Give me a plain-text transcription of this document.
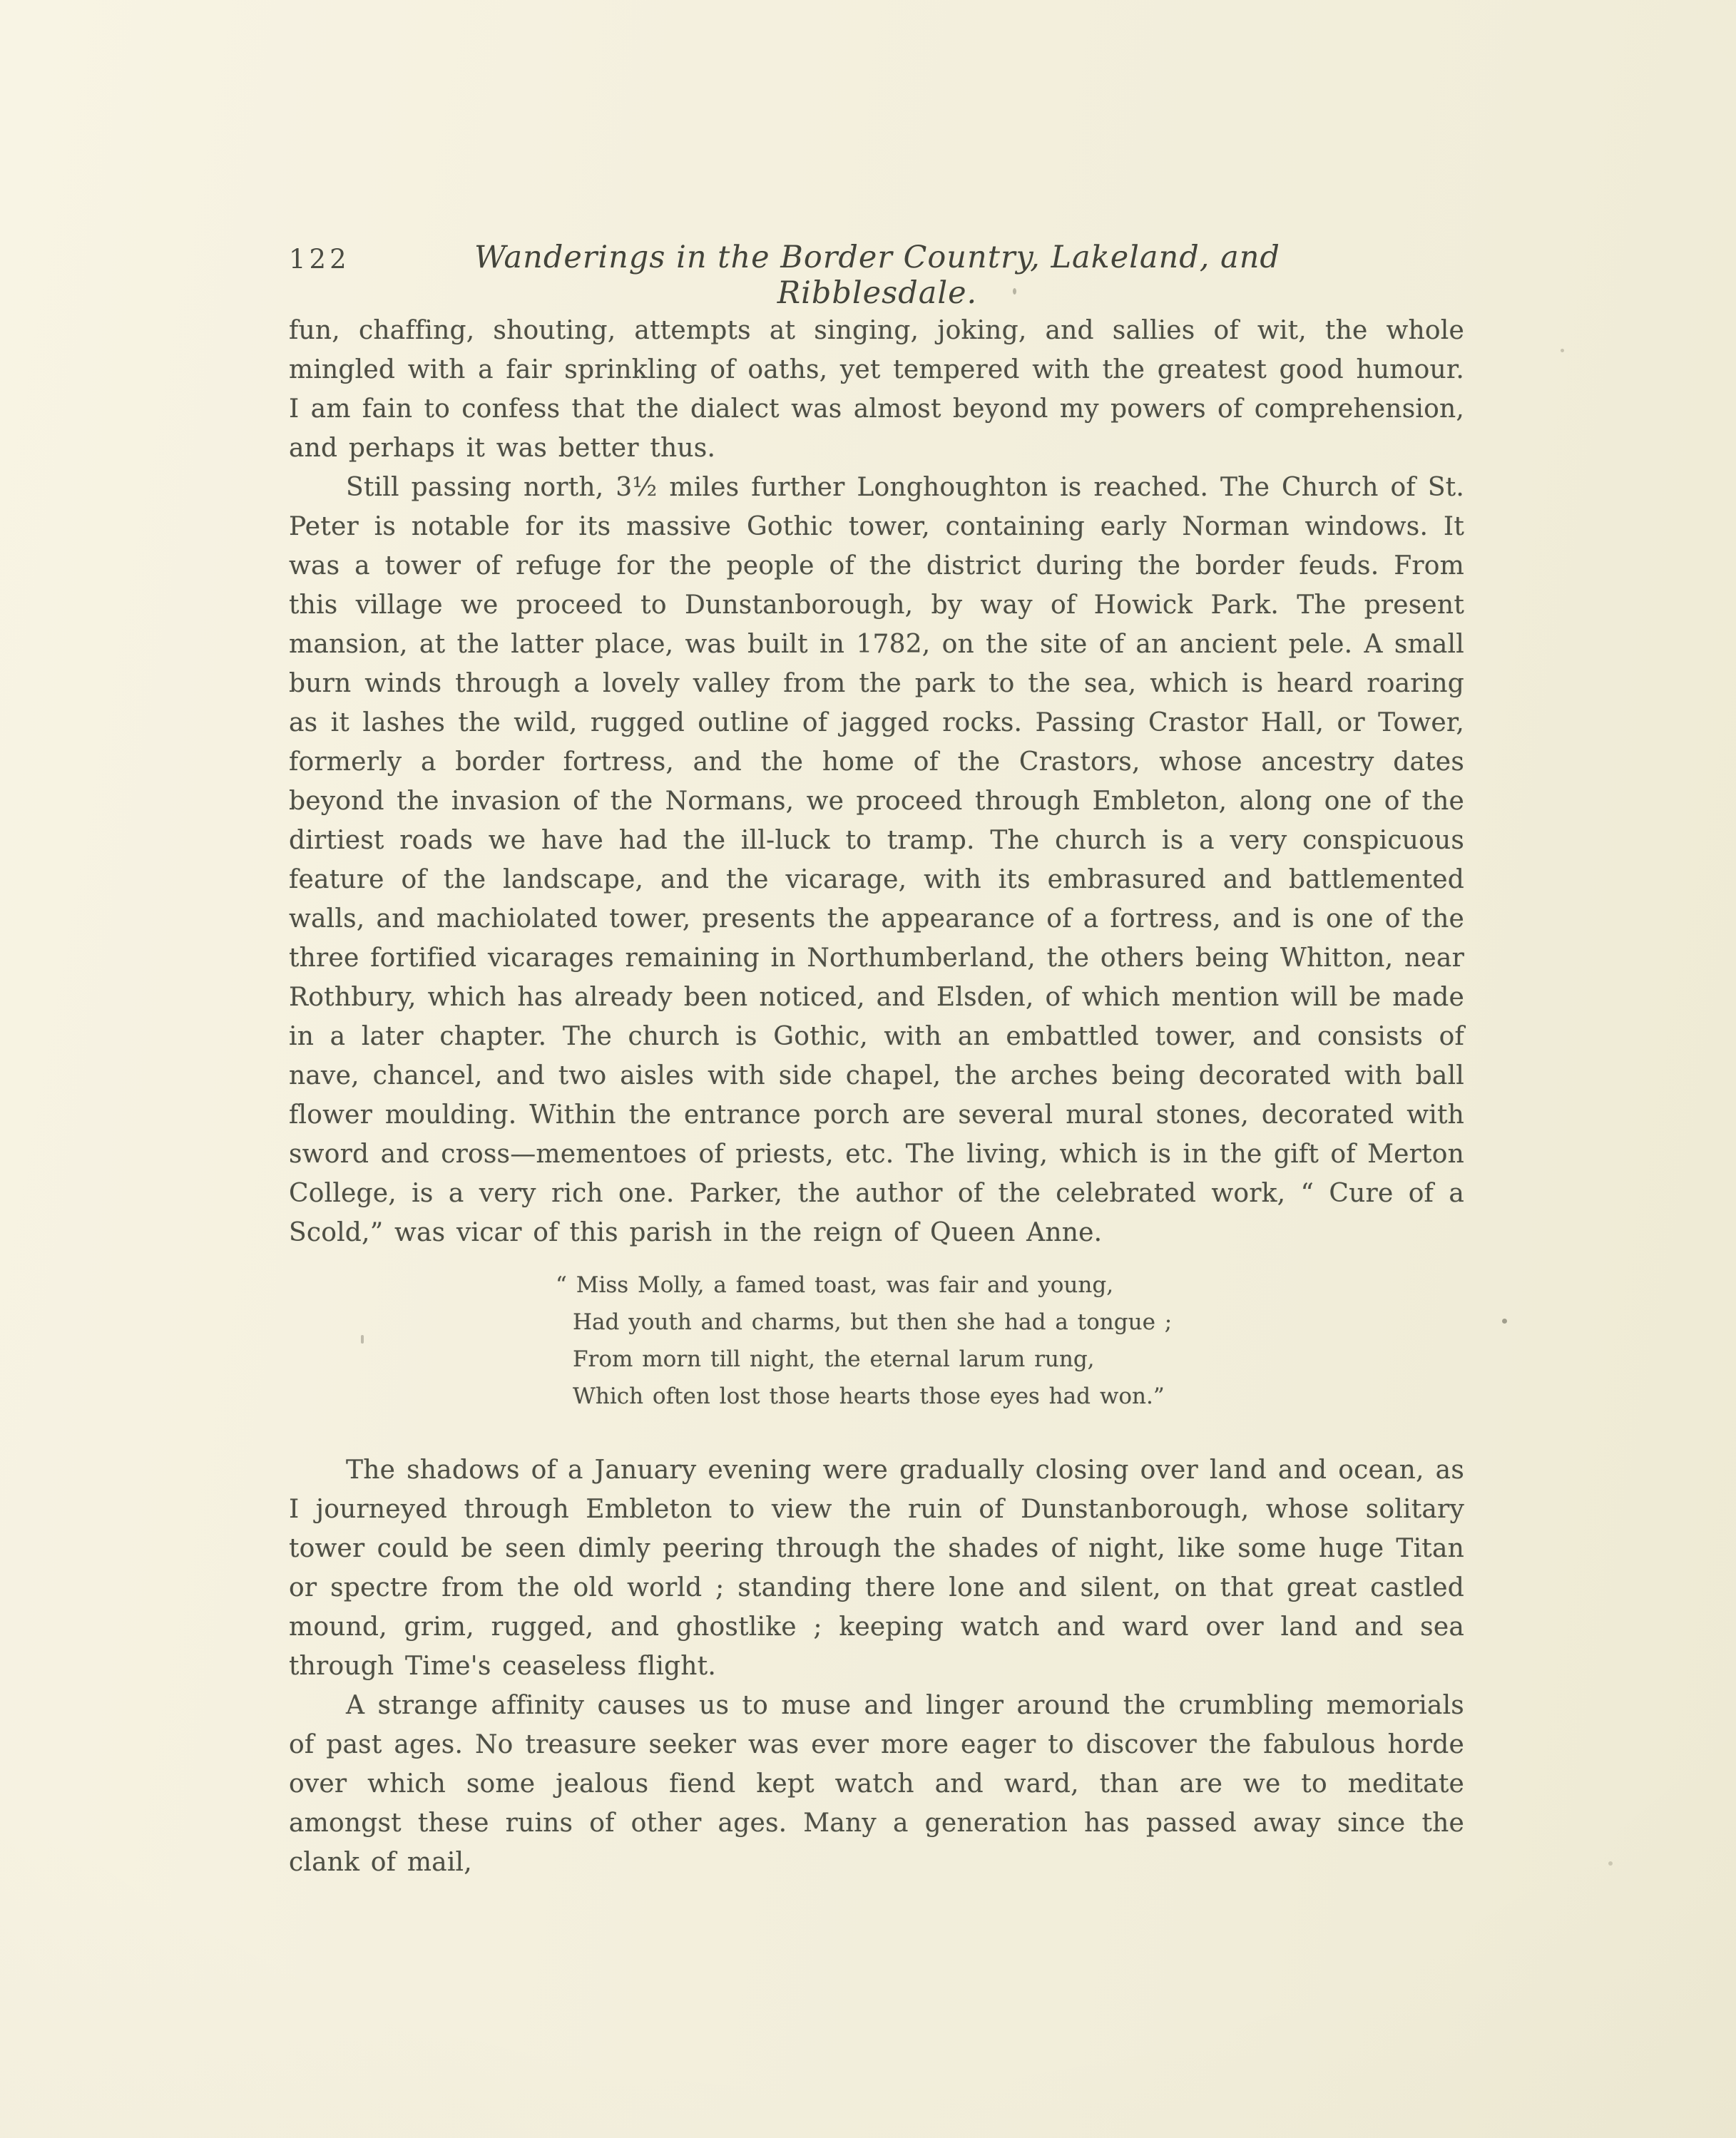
122	Wanderings in the Border Country, Lakeland, and Ribblesdale.

fun, chaffing, shouting, attempts at singing, joking, and sallies of wit, the whole mingled with a fair sprinkling of oaths, yet tempered with the greatest good humour. I am fain to confess that the dialect was almost beyond my powers of comprehension, and perhaps it was better thus.

Still passing north, 3½ miles further Longhoughton is reached. The Church of St. Peter is notable for its massive Gothic tower, containing early Norman windows. It was a tower of refuge for the people of the district during the border feuds. From this village we proceed to Dunstanborough, by way of Howick Park. The present mansion, at the latter place, was built in 1782, on the site of an ancient pele. A small burn winds through a lovely valley from the park to the sea, which is heard roaring as it lashes the wild, rugged outline of jagged rocks. Passing Crastor Hall, or Tower, formerly a border fortress, and the home of the Crastors, whose ancestry dates beyond the invasion of the Normans, we proceed through Embleton, along one of the dirtiest roads we have had the ill-luck to tramp. The church is a very conspicuous feature of the landscape, and the vicarage, with its embrasured and battlemented walls, and machiolated tower, presents the appearance of a fortress, and is one of the three fortified vicarages remaining in Northumberland, the others being Whitton, near Rothbury, which has already been noticed, and Elsden, of which mention will be made in a later chapter. The church is Gothic, with an embattled tower, and consists of nave, chancel, and two aisles with side chapel, the arches being decorated with ball flower moulding. Within the entrance porch are several mural stones, decorated with sword and cross—mementoes of priests, etc. The living, which is in the gift of Merton College, is a very rich one. Parker, the author of the celebrated work, “ Cure of a Scold,” was vicar of this parish in the reign of Queen Anne.

“ Miss Molly, a famed toast, was fair and young,
Had youth and charms, but then she had a tongue ;
From morn till night, the eternal larum rung,
Which often lost those hearts those eyes had won.”

The shadows of a January evening were gradually closing over land and ocean, as I journeyed through Embleton to view the ruin of Dunstanborough, whose solitary tower could be seen dimly peering through the shades of night, like some huge Titan or spectre from the old world ; standing there lone and silent, on that great castled mound, grim, rugged, and ghostlike ; keeping watch and ward over land and sea through Time's ceaseless flight.

A strange affinity causes us to muse and linger around the crumbling memorials of past ages. No treasure seeker was ever more eager to discover the fabulous horde over which some jealous fiend kept watch and ward, than are we to meditate amongst these ruins of other ages. Many a generation has passed away since the clank of mail,
